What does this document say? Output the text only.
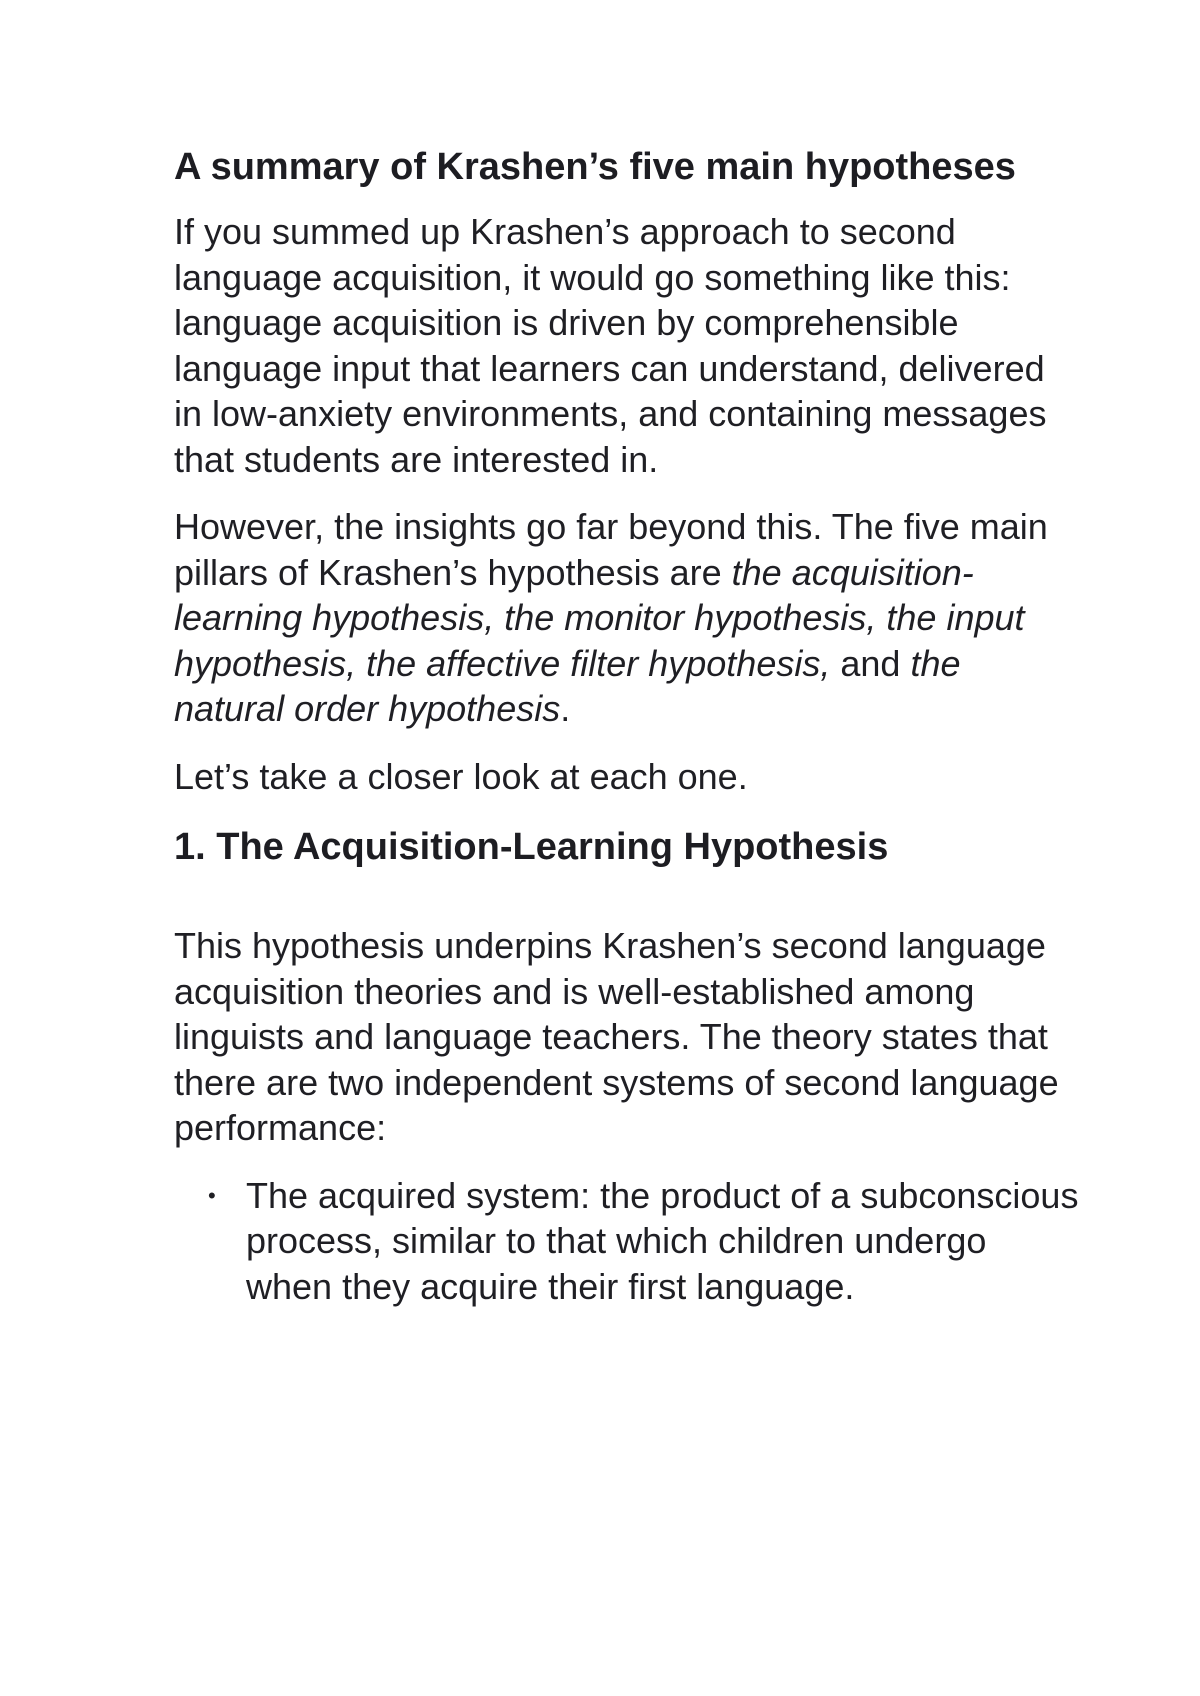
A summary of Krashen’s five main hypotheses

If you summed up Krashen’s approach to second language acquisition, it would go something like this: language acquisition is driven by comprehensible language input that learners can understand, delivered in low-anxiety environments, and containing messages that students are interested in.

However, the insights go far beyond this. The five main pillars of Krashen’s hypothesis are the acquisition-learning hypothesis, the monitor hypothesis, the input hypothesis, the affective filter hypothesis, and the natural order hypothesis.

Let’s take a closer look at each one.

1. The Acquisition-Learning Hypothesis

This hypothesis underpins Krashen’s second language acquisition theories and is well-established among linguists and language teachers. The theory states that there are two independent systems of second language performance:

• The acquired system: the product of a subconscious process, similar to that which children undergo when they acquire their first language.
